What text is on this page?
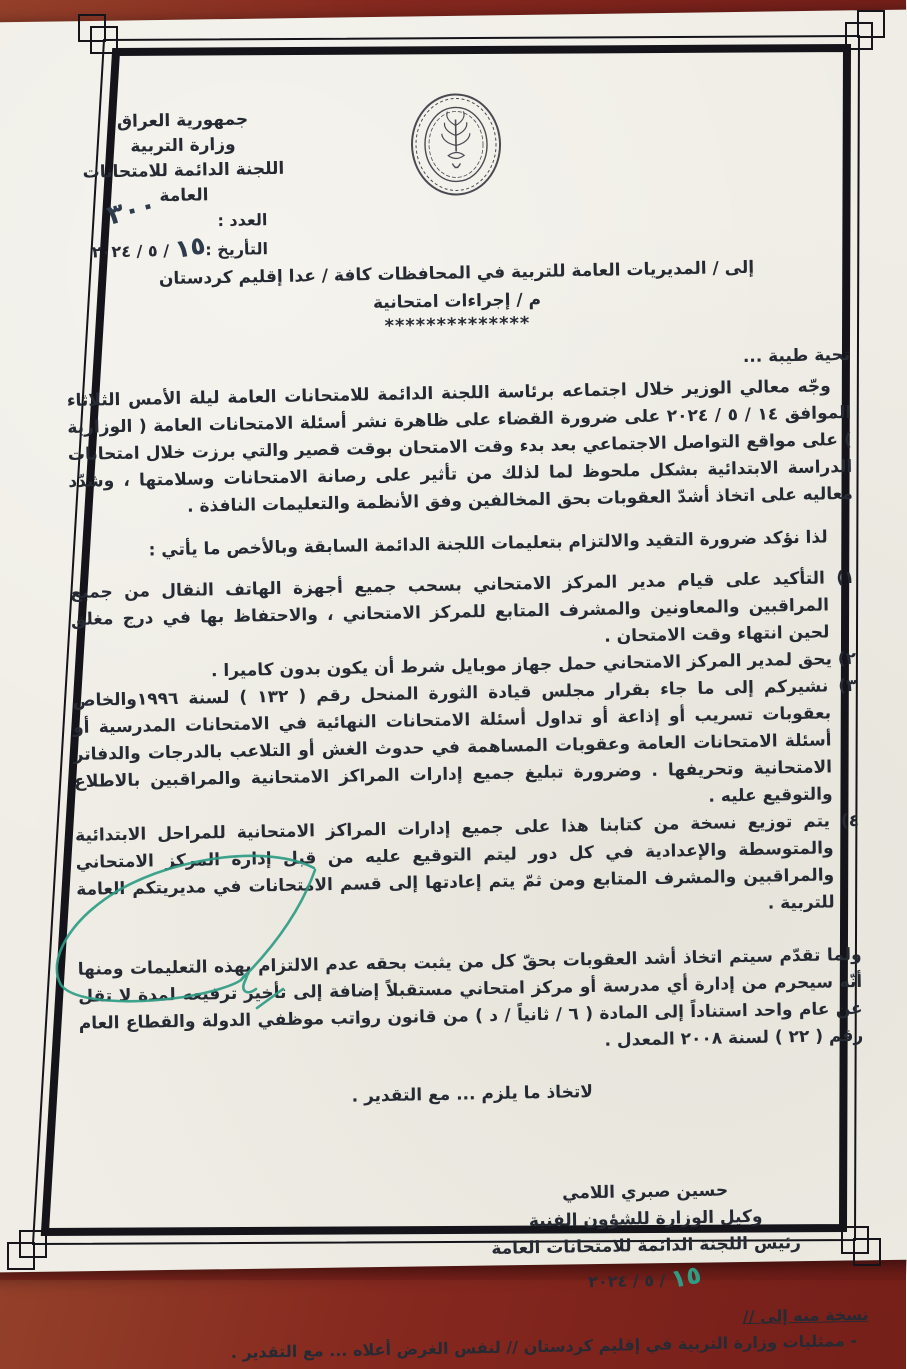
جمهورية العراق
وزارة التربية
اللجنة الدائمة للامتحانات العامة
العدد :
٣٠٠
التأريخ :١٥ / ٥ / ٢٠٢٤
إلى / المديريات العامة للتربية في المحافظات كافة / عدا إقليم كردستان
م / إجراءات امتحانية
**************
تحية طيبة ...
وجّه معالي الوزير خلال اجتماعه برئاسة اللجنة الدائمة للامتحانات العامة ليلة الأمس الثلاثاء الموافق ١٤ / ٥ / ٢٠٢٤ على ضرورة القضاء على ظاهرة نشر أسئلة الامتحانات العامة ( الوزارية ) على مواقع التواصل الاجتماعي بعد بدء وقت الامتحان بوقت قصير والتي برزت خلال امتحانات الدراسة الابتدائية بشكل ملحوظ لما لذلك من تأثير على رصانة الامتحانات وسلامتها ، وشدّد معاليه على اتخاذ أشدّ العقوبات بحق المخالفين وفق الأنظمة والتعليمات النافذة .
لذا نؤكد ضرورة التقيد والالتزام بتعليمات اللجنة الدائمة السابقة وبالأخص ما يأتي :

١) التأكيد على قيام مدير المركز الامتحاني بسحب جميع أجهزة الهاتف النقال من جميع المراقبين والمعاونين والمشرف المتابع للمركز الامتحاني ، والاحتفاظ بها في درج مغلق لحين انتهاء وقت الامتحان .

٢) يحق لمدير المركز الامتحاني حمل جهاز موبايل شرط أن يكون بدون كاميرا .

٣) نشيركم إلى ما جاء بقرار مجلس قيادة الثورة المنحل رقم ( ١٣٢ ) لسنة ١٩٩٦والخاص بعقوبات تسريب أو إذاعة أو تداول أسئلة الامتحانات النهائية في الامتحانات المدرسية أو أسئلة الامتحانات العامة وعقوبات المساهمة في حدوث الغش أو التلاعب بالدرجات والدفاتر الامتحانية وتحريفها . وضرورة تبليغ جميع إدارات المراكز الامتحانية والمراقبين بالاطلاع والتوقيع عليه .

٤) يتم توزيع نسخة من كتابنا هذا على جميع إدارات المراكز الامتحانية للمراحل الابتدائية والمتوسطة والإعدادية في كل دور ليتم التوقيع عليه من قبل إدارة المركز الامتحاني والمراقبين والمشرف المتابع ومن ثمّ يتم إعادتها إلى قسم الامتحانات في مديريتكم العامة للتربية .

ولما تقدّم سيتم اتخاذ أشد العقوبات بحقّ كل من يثبت بحقه عدم الالتزام بهذه التعليمات ومنها أنّه سيحرم من إدارة أي مدرسة أو مركز امتحاني مستقبلاً إضافة إلى تأخير ترفيعه لمدة لا تقل عن عام واحد استناداً إلى المادة ( ٦ / ثانياً / د ) من قانون رواتب موظفي الدولة والقطاع العام رقم ( ٢٢ ) لسنة ٢٠٠٨ المعدل .
لاتخاذ ما يلزم ... مع التقدير .
حسين صبري اللامي
وكيل الوزارة للشؤون الفنية
رئيس اللجنة الدائمة للامتحانات العامة
١٥ / ٥ / ٢٠٢٤
نسخة منه إلى //
- ممثليات وزارة التربية في إقليم كردستان // لنفس الغرض أعلاه ... مع التقدير .
